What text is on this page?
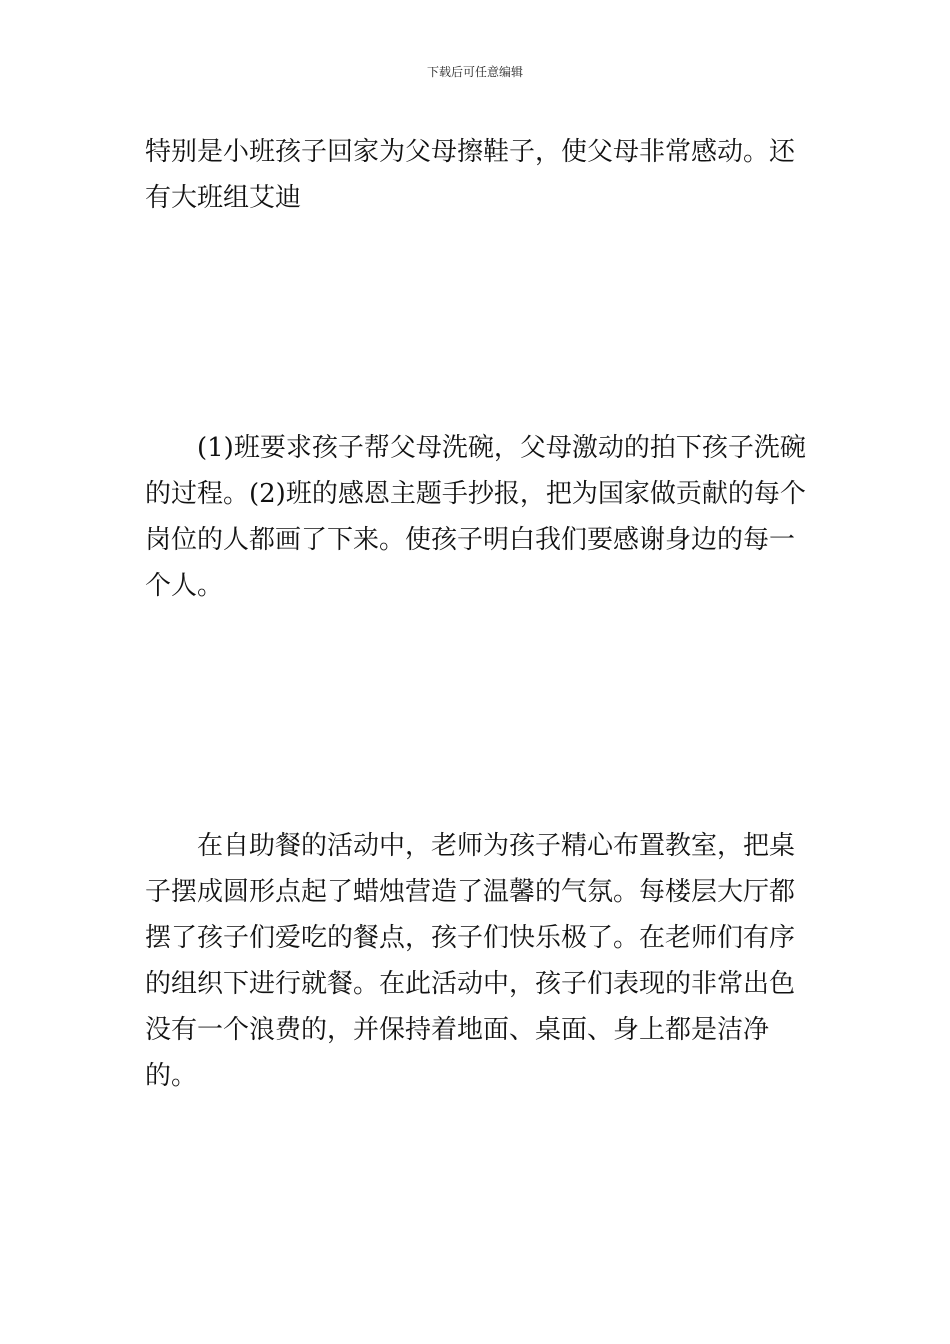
下载后可任意编辑

特别是小班孩子回家为父母擦鞋子，使父母非常感动。还有大班组艾迪

(1)班要求孩子帮父母洗碗，父母激动的拍下孩子洗碗的过程。(2)班的感恩主题手抄报，把为国家做贡献的每个岗位的人都画了下来。使孩子明白我们要感谢身边的每一个人。

在自助餐的活动中，老师为孩子精心布置教室，把桌子摆成圆形点起了蜡烛营造了温馨的气氛。每楼层大厅都摆了孩子们爱吃的餐点，孩子们快乐极了。在老师们有序的组织下进行就餐。在此活动中，孩子们表现的非常出色没有一个浪费的，并保持着地面、桌面、身上都是洁净的。
